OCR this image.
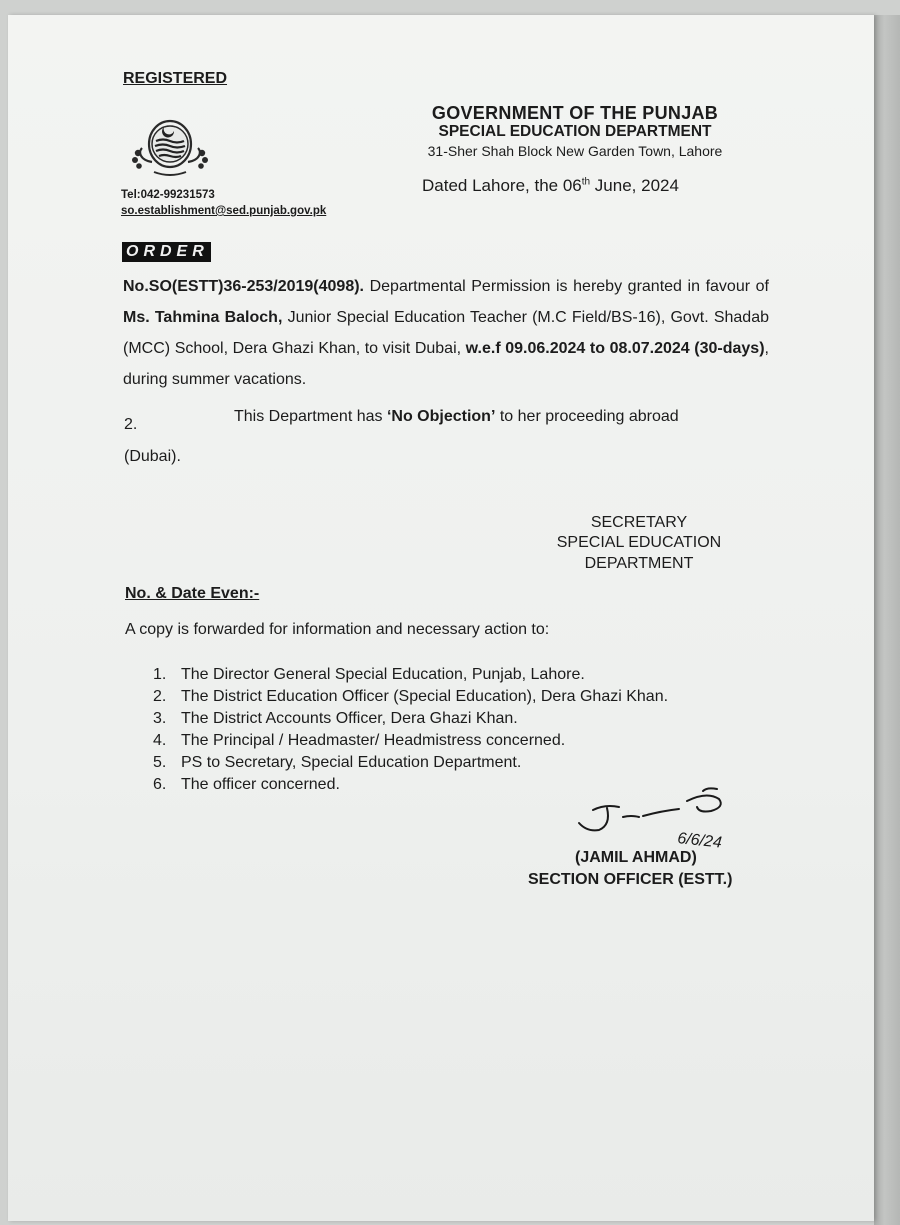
REGISTERED
GOVERNMENT OF THE PUNJAB
SPECIAL EDUCATION DEPARTMENT
31-Sher Shah Block New Garden Town, Lahore
Dated Lahore, the 06th June, 2024
Tel:042-99231573
so.establishment@sed.punjab.gov.pk
ORDER
No.SO(ESTT)36-253/2019(4098). Departmental Permission is hereby granted in favour of Ms. Tahmina Baloch, Junior Special Education Teacher (M.C Field/BS-16), Govt. Shadab (MCC) School, Dera Ghazi Khan, to visit Dubai, w.e.f 09.06.2024 to 08.07.2024 (30-days), during summer vacations.
2.	This Department has ‘No Objection’ to her proceeding abroad
(Dubai).
SECRETARY
SPECIAL EDUCATION
DEPARTMENT
No. & Date Even:-
A copy is forwarded for information and necessary action to:
1. The Director General Special Education, Punjab, Lahore.
2. The District Education Officer (Special Education), Dera Ghazi Khan.
3. The District Accounts Officer, Dera Ghazi Khan.
4. The Principal / Headmaster/ Headmistress concerned.
5. PS to Secretary, Special Education Department.
6. The officer concerned.
6/6/24
(JAMIL AHMAD)
SECTION OFFICER (ESTT.)
